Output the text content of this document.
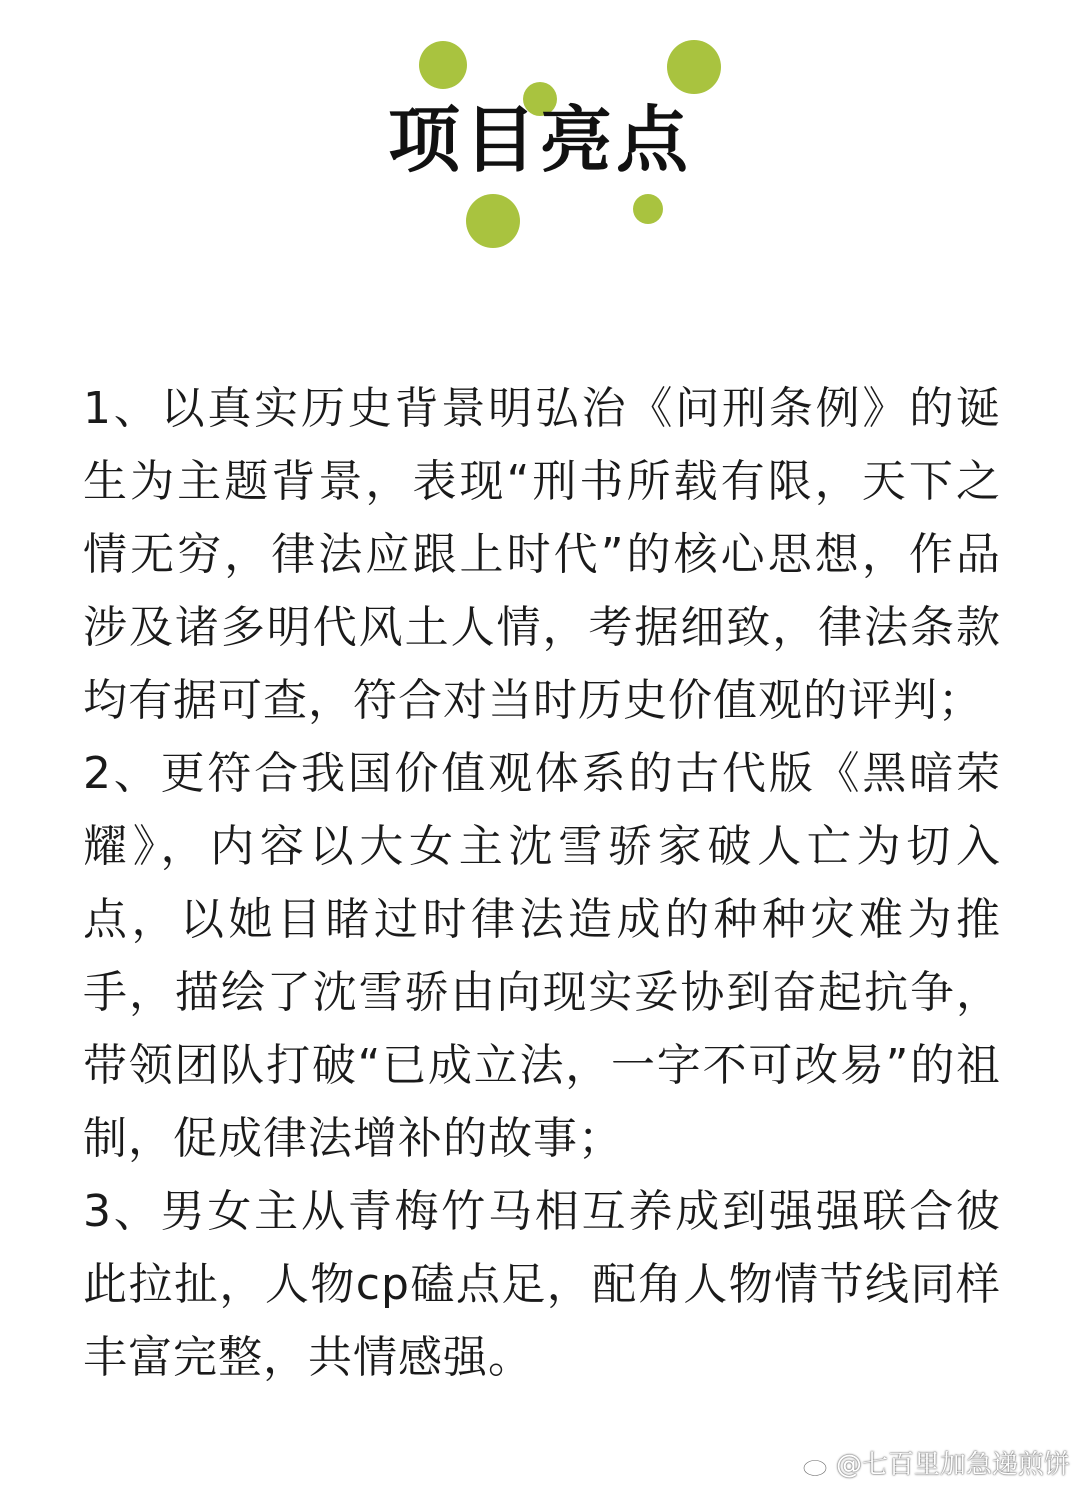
项目亮点

1、以真实历史背景明弘治《问刑条例》的诞生为主题背景，表现“刑书所载有限，天下之情无穷，律法应跟上时代”的核心思想，作品涉及诸多明代风土人情，考据细致，律法条款均有据可查，符合对当时历史价值观的评判；

2、更符合我国价值观体系的古代版《黑暗荣耀》，内容以大女主沈雪骄家破人亡为切入点，以她目睹过时律法造成的种种灾难为推手，描绘了沈雪骄由向现实妥协到奋起抗争，带领团队打破“已成立法，一字不可改易”的祖制，促成律法增补的故事；

3、男女主从青梅竹马相互养成到强强联合彼此拉扯，人物cp磕点足，配角人物情节线同样丰富完整，共情感强。

@七百里加急递煎饼
